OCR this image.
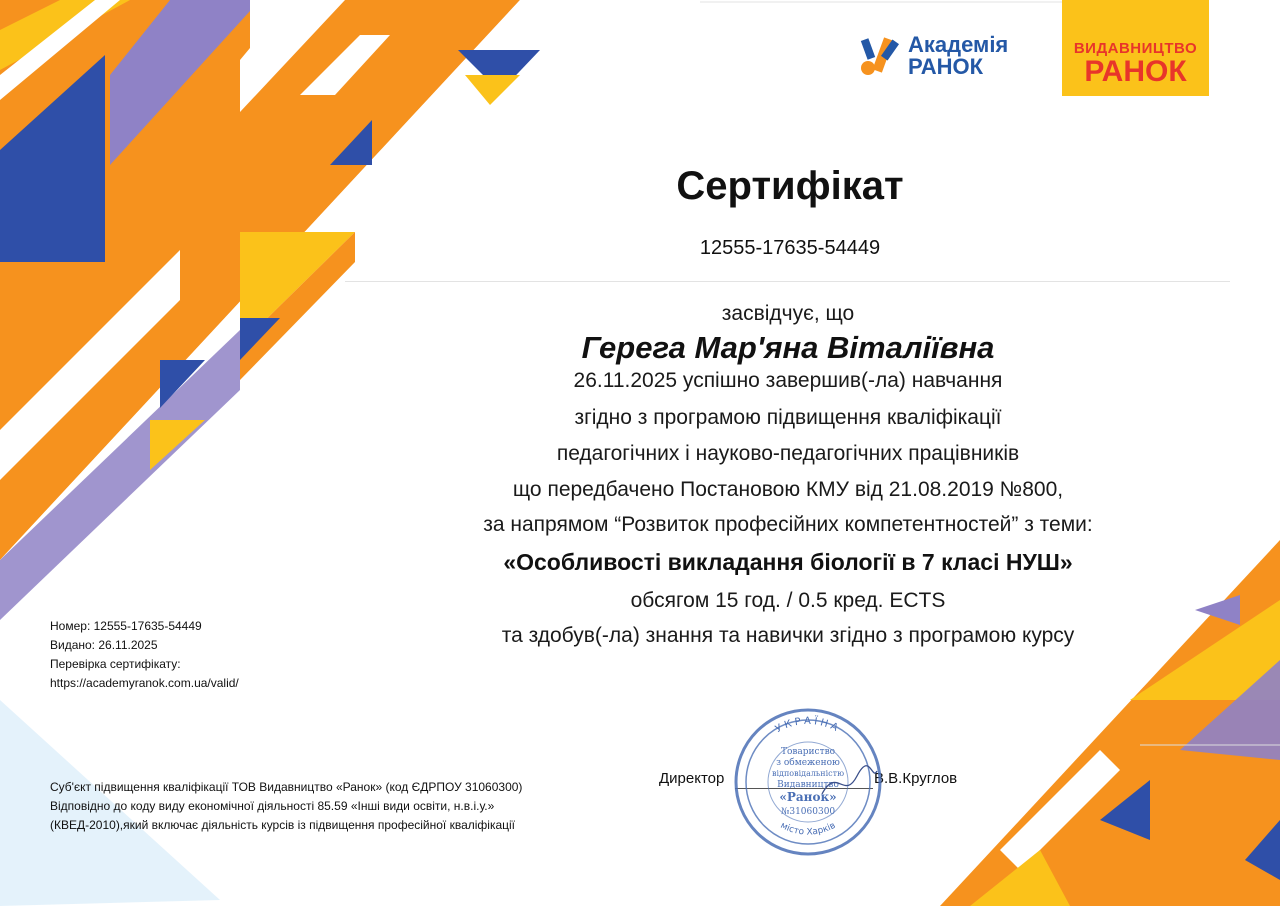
Академія
РАНОК
ВИДАВНИЦТВО
РАНОК
Сертифікат
12555-17635-54449
засвідчує, що
Герега Мар'яна Віталіївна
26.11.2025 успішно завершив(-ла) навчання
згідно з програмою підвищення кваліфікації
педагогічних і науково-педагогічних працівників
що передбачено Постановою КМУ від 21.08.2019 №800,
за напрямом “Розвиток професійних компетентностей” з теми:
«Особливості викладання біології в 7 класі НУШ»
обсягом 15 год. / 0.5 кред. ECTS
та здобув(-ла) знання та навички згідно з програмою курсу
Номер: 12555-17635-54449
Видано: 26.11.2025
Перевірка сертифікату:
https://academyranok.com.ua/valid/
Суб'єкт підвищення кваліфікації ТОВ Видавництво «Ранок» (код ЄДРПОУ 31060300)
Відповідно до коду виду економічної діяльності 85.59 «Інші види освіти, н.в.і.у.»
(КВЕД-2010),який включає діяльність курсів із підвищення професійної кваліфікації
Директор	В.В.Круглов
УКРАЇНА
місто Харків
Товариство
з обмеженою
відповідальністю
Видавництво
«Ранок»
№31060300
